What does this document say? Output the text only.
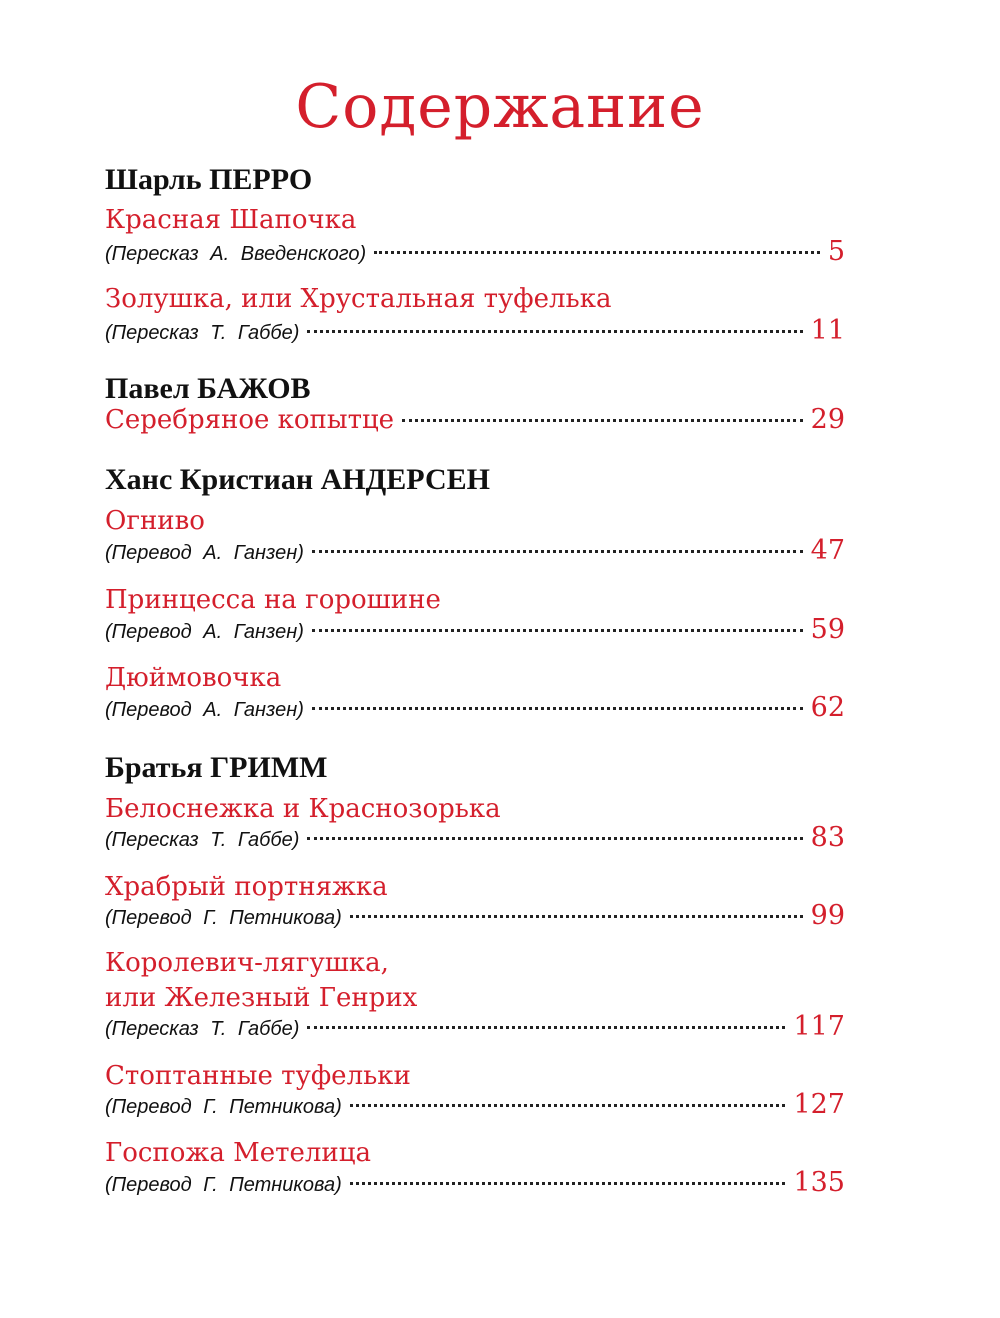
Содержание
Шарль ПЕРРО
Красная Шапочка
(Пересказ А. Введенского)	5
Золушка, или Хрустальная туфелька
(Пересказ Т. Габбе)	11
Павел БАЖОВ
Серебряное копытце	29
Ханс Кристиан АНДЕРСЕН
Огниво
(Перевод А. Ганзен)	47
Принцесса на горошине
(Перевод А. Ганзен)	59
Дюймовочка
(Перевод А. Ганзен)	62
Братья ГРИММ
Белоснежка и Краснозорька
(Пересказ Т. Габбе)	83
Храбрый портняжка
(Перевод Г. Петникова)	99
Королевич-лягушка,
или Железный Генрих
(Пересказ Т. Габбе)	117
Стоптанные туфельки
(Перевод Г. Петникова)	127
Госпожа Метелица
(Перевод Г. Петникова)	135
